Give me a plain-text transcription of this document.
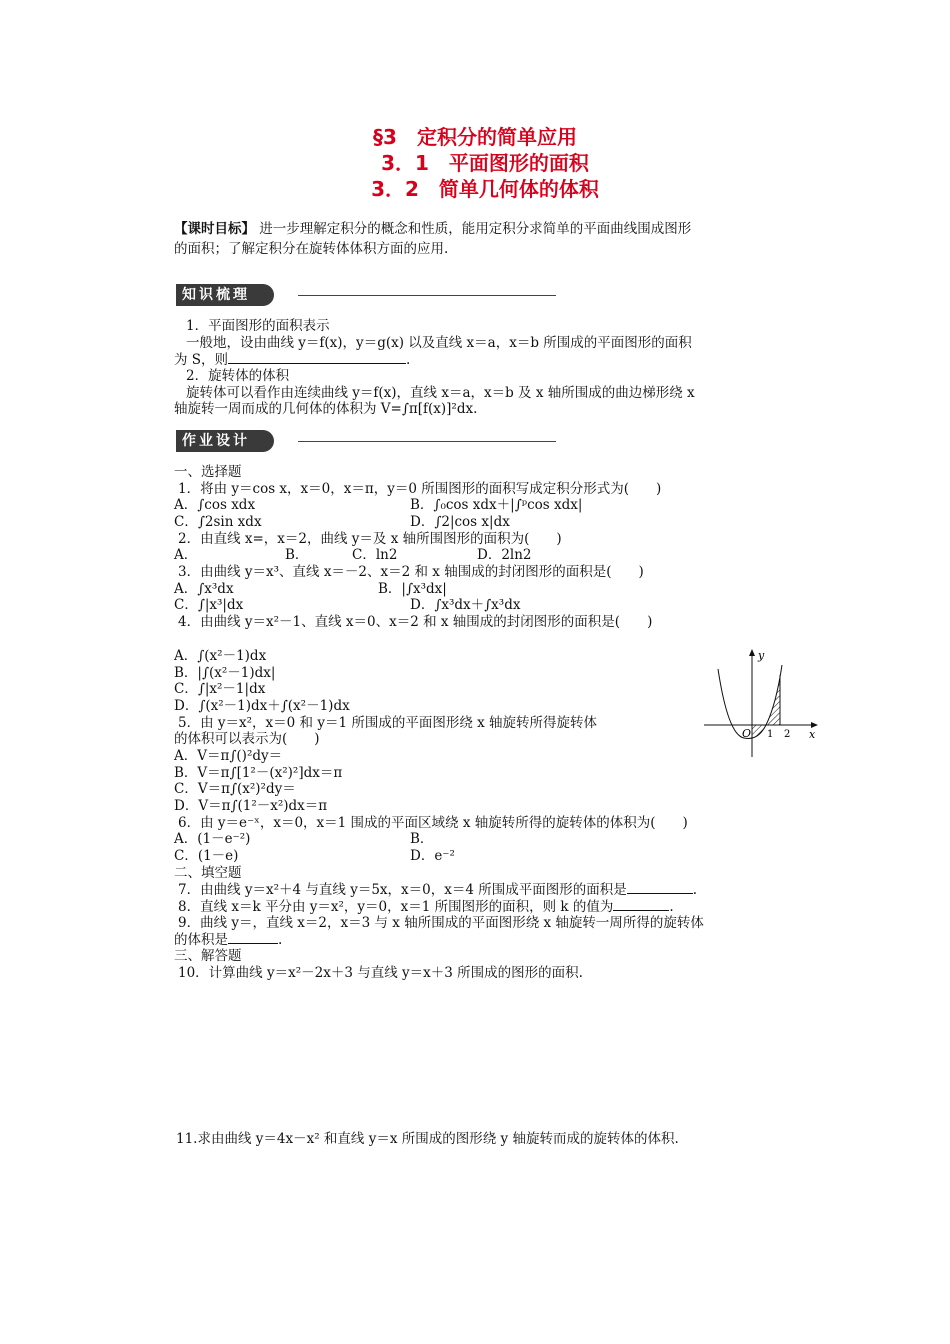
§3　定积分的简单应用
3．1　平面图形的面积
3．2　简单几何体的体积
【课时目标】 进一步理解定积分的概念和性质，能用定积分求简单的平面曲线围成图形
的面积；了解定积分在旋转体体积方面的应用.
知识梳理
1．平面图形的面积表示
一般地，设由曲线 y＝f(x)，y＝g(x) 以及直线 x＝a，x＝b 所围成的平面图形的面积
为 S，则	.
2．旋转体的体积
旋转体可以看作由连续曲线 y＝f(x)，直线 x＝a，x＝b 及 x 轴所围成的曲边梯形绕 x
轴旋转一周而成的几何体的体积为 V=∫π[f(x)]²dx.
作业设计
一、选择题
1．将由 y＝cos x，x＝0，x＝π，y＝0 所围图形的面积写成定积分形式为(　　)
A．∫cos xdx	B．∫₀cos xdx＋|∫ᵖcos xdx|
C．∫2sin xdx	D．∫2|cos x|dx
2．由直线 x=，x＝2，曲线 y＝及 x 轴所围图形的面积为(　　)
A．	B．	C．ln2	D．2ln2
3．由曲线 y＝x³、直线 x＝－2、x＝2 和 x 轴围成的封闭图形的面积是(　　)
A．∫x³dx	B．|∫x³dx|
C．∫|x³|dx	D．∫x³dx＋∫x³dx
4．由曲线 y＝x²－1、直线 x＝0、x＝2 和 x 轴围成的封闭图形的面积是(　　)
A．∫(x²－1)dx
B．|∫(x²－1)dx|
C．∫|x²－1|dx
D．∫(x²－1)dx＋∫(x²－1)dx
5．由 y＝x²，x＝0 和 y＝1 所围成的平面图形绕 x 轴旋转所得旋转体
的体积可以表示为(　　)
A．V＝π∫()²dy＝
B．V＝π∫[1²－(x²)²]dx＝π
C．V＝π∫(x²)²dy＝
D．V＝π∫(1²－x²)dx＝π
6．由 y＝e⁻ˣ，x＝0，x＝1 围成的平面区域绕 x 轴旋转所得的旋转体的体积为(　　)
A．(1－e⁻²)	B．
C．(1－e)	D．e⁻²
二、填空题
7．由曲线 y＝x²＋4 与直线 y＝5x，x＝0，x＝4 所围成平面图形的面积是	.
8．直线 x＝k 平分由 y＝x²，y＝0，x＝1 所围图形的面积，则 k 的值为	.
9．曲线 y＝，直线 x＝2，x＝3 与 x 轴所围成的平面图形绕 x 轴旋转一周所得的旋转体
的体积是	.
三、解答题
10．计算曲线 y＝x²－2x＋3 与直线 y＝x＋3 所围成的图形的面积.
11.求由曲线 y＝4x－x² 和直线 y＝x 所围成的图形绕 y 轴旋转而成的旋转体的体积.
y
x
O 1 2
